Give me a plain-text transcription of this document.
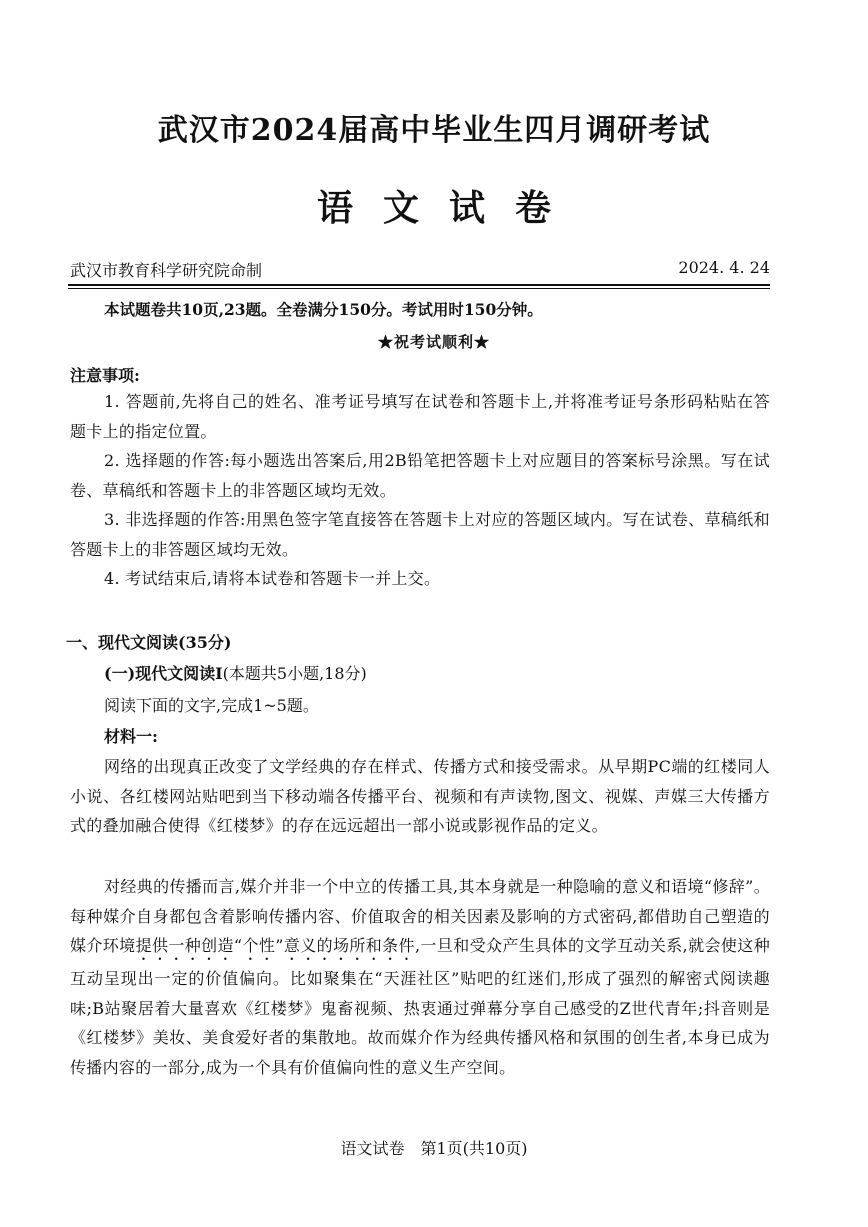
武汉市2024届高中毕业生四月调研考试
语文试卷
武汉市教育科学研究院命制	2024. 4. 24
本试题卷共10页,23题。全卷满分150分。考试用时150分钟。
★祝考试顺利★
注意事项:
1. 答题前,先将自己的姓名、准考证号填写在试卷和答题卡上,并将准考证号条形码粘贴在答题卡上的指定位置。
2. 选择题的作答:每小题选出答案后,用2B铅笔把答题卡上对应题目的答案标号涂黑。写在试卷、草稿纸和答题卡上的非答题区域均无效。
3. 非选择题的作答:用黑色签字笔直接答在答题卡上对应的答题区域内。写在试卷、草稿纸和答题卡上的非答题区域均无效。
4. 考试结束后,请将本试卷和答题卡一并上交。
一、现代文阅读(35分)
(一)现代文阅读Ⅰ(本题共5小题,18分)
阅读下面的文字,完成1~5题。
材料一:
网络的出现真正改变了文学经典的存在样式、传播方式和接受需求。从早期PC端的红楼同人小说、各红楼网站贴吧到当下移动端各传播平台、视频和有声读物,图文、视媒、声媒三大传播方式的叠加融合使得《红楼梦》的存在远远超出一部小说或影视作品的定义。
对经典的传播而言,媒介并非一个中立的传播工具,其本身就是一种隐喻的意义和语境“修辞”。每种媒介自身都包含着影响传播内容、价值取舍的相关因素及影响的方式密码,都借助自己塑造的媒介环境提供一种创造“个性”意义的场所和条件,一旦和受众产生具体的文学互动关系,就会使这种互动呈现出一定的价值偏向。比如聚集在“天涯社区”贴吧的红迷们,形成了强烈的解密式阅读趣味;B站聚居着大量喜欢《红楼梦》鬼畜视频、热衷通过弹幕分享自己感受的Z世代青年;抖音则是《红楼梦》美妆、美食爱好者的集散地。故而媒介作为经典传播风格和氛围的创生者,本身已成为传播内容的一部分,成为一个具有价值偏向性的意义生产空间。
语文试卷　第1页(共10页)
